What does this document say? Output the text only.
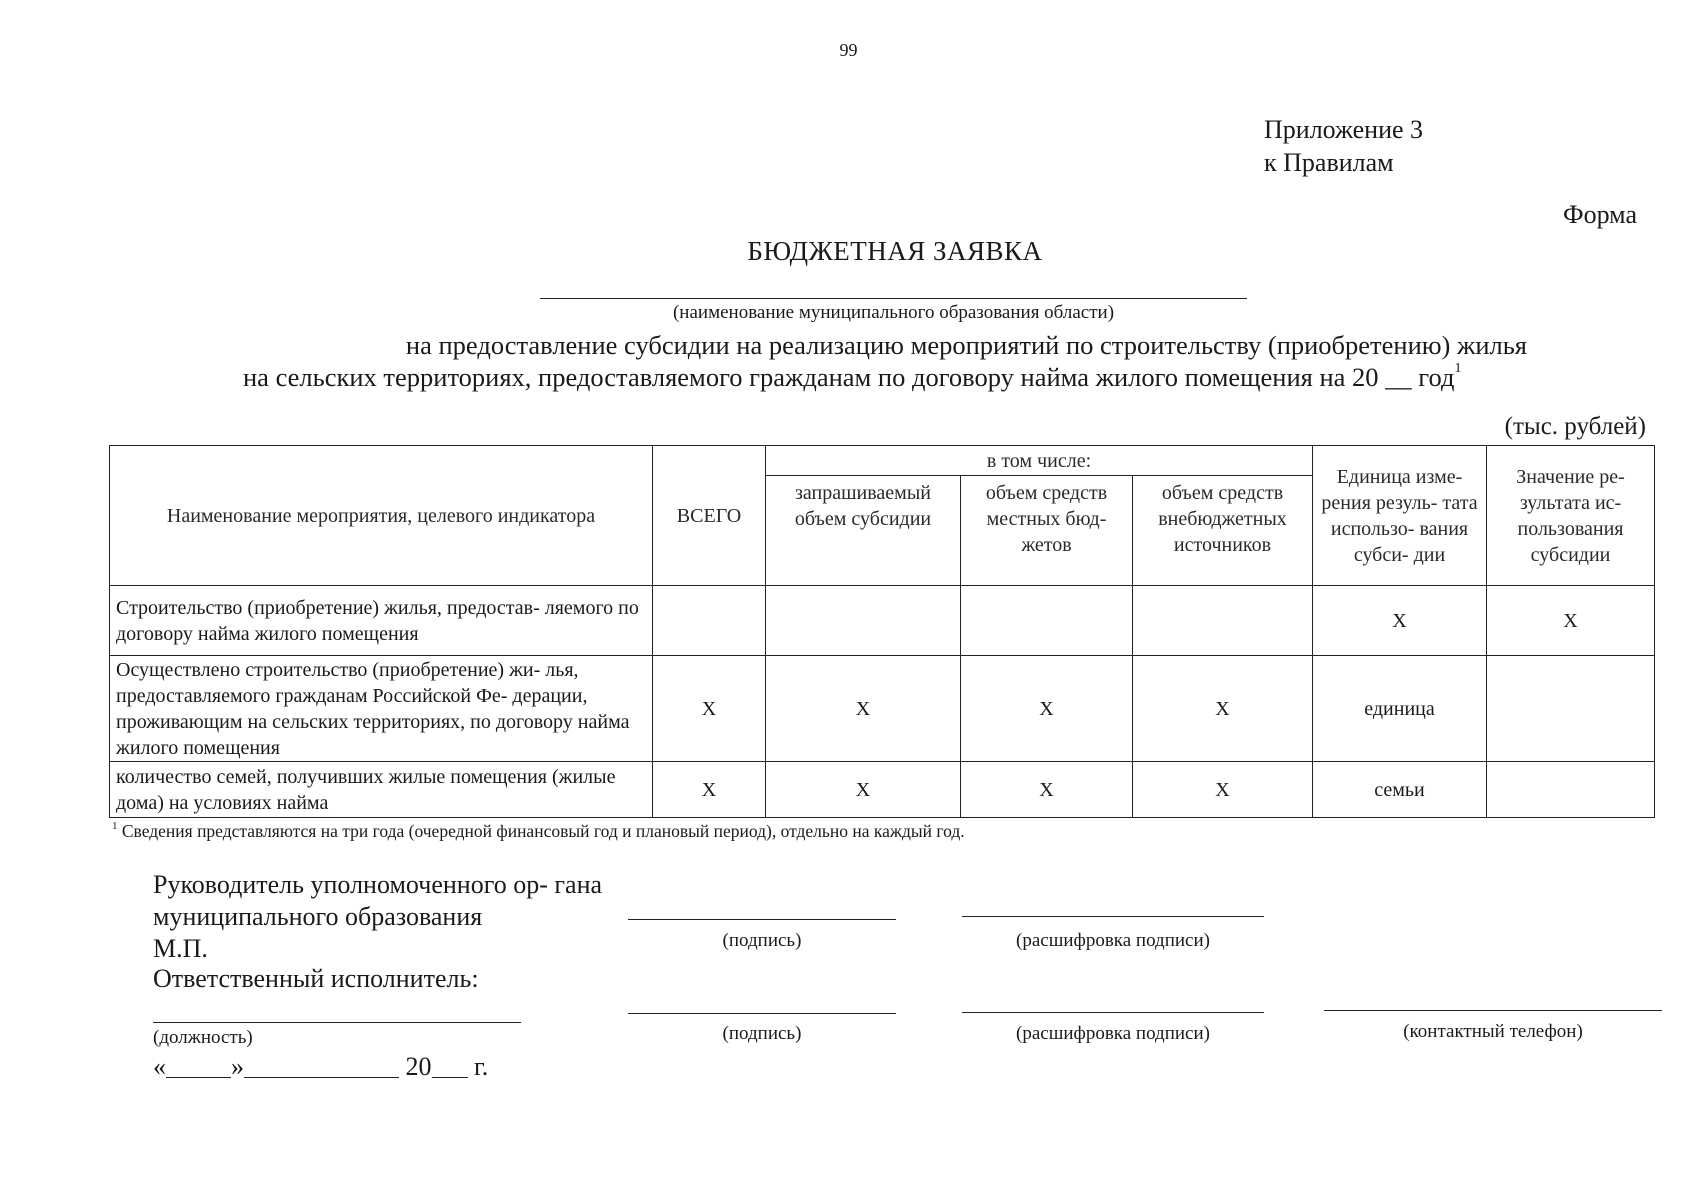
99
Приложение 3
к Правилам
Форма
БЮДЖЕТНАЯ ЗАЯВКА
(наименование муниципального образования области)
на предоставление субсидии на реализацию мероприятий по строительству (приобретению) жилья
на сельских территориях, предоставляемого гражданам по договору найма жилого помещения на 20 __ год$^1$
(тыс. рублей)
Наименование мероприятия, целевого индикатора	ВСЕГО	в том числе:			Единица изме- рения резуль- тата использо- вания субси- дии	Значение ре- зультата ис- пользования субсидии
		запрашиваемый объем субсидии	объем средств местных бюд- жетов	объем средств внебюджетных источников		
Строительство (приобретение) жилья, предостав- ляемого по договору найма жилого помещения					X	X
Осуществлено строительство (приобретение) жи- лья, предоставляемого гражданам Российской Фе- дерации, проживающим на сельских территориях, по договору найма жилого помещения	X	X	X	X	единица	
количество семей, получивших жилые помещения (жилые дома) на условиях найма	X	X	X	X	семьи	
$^1$ Сведения представляются на три года (очередной финансовый год и плановый период), отдельно на каждый год.
Руководитель уполномоченного ор- гана муниципального образования
М.П.
Ответственный исполнитель:
(подпись)	(расшифровка подписи)
(должность)	(подпись)	(расшифровка подписи)	(контактный телефон)
«	»	20 г.
